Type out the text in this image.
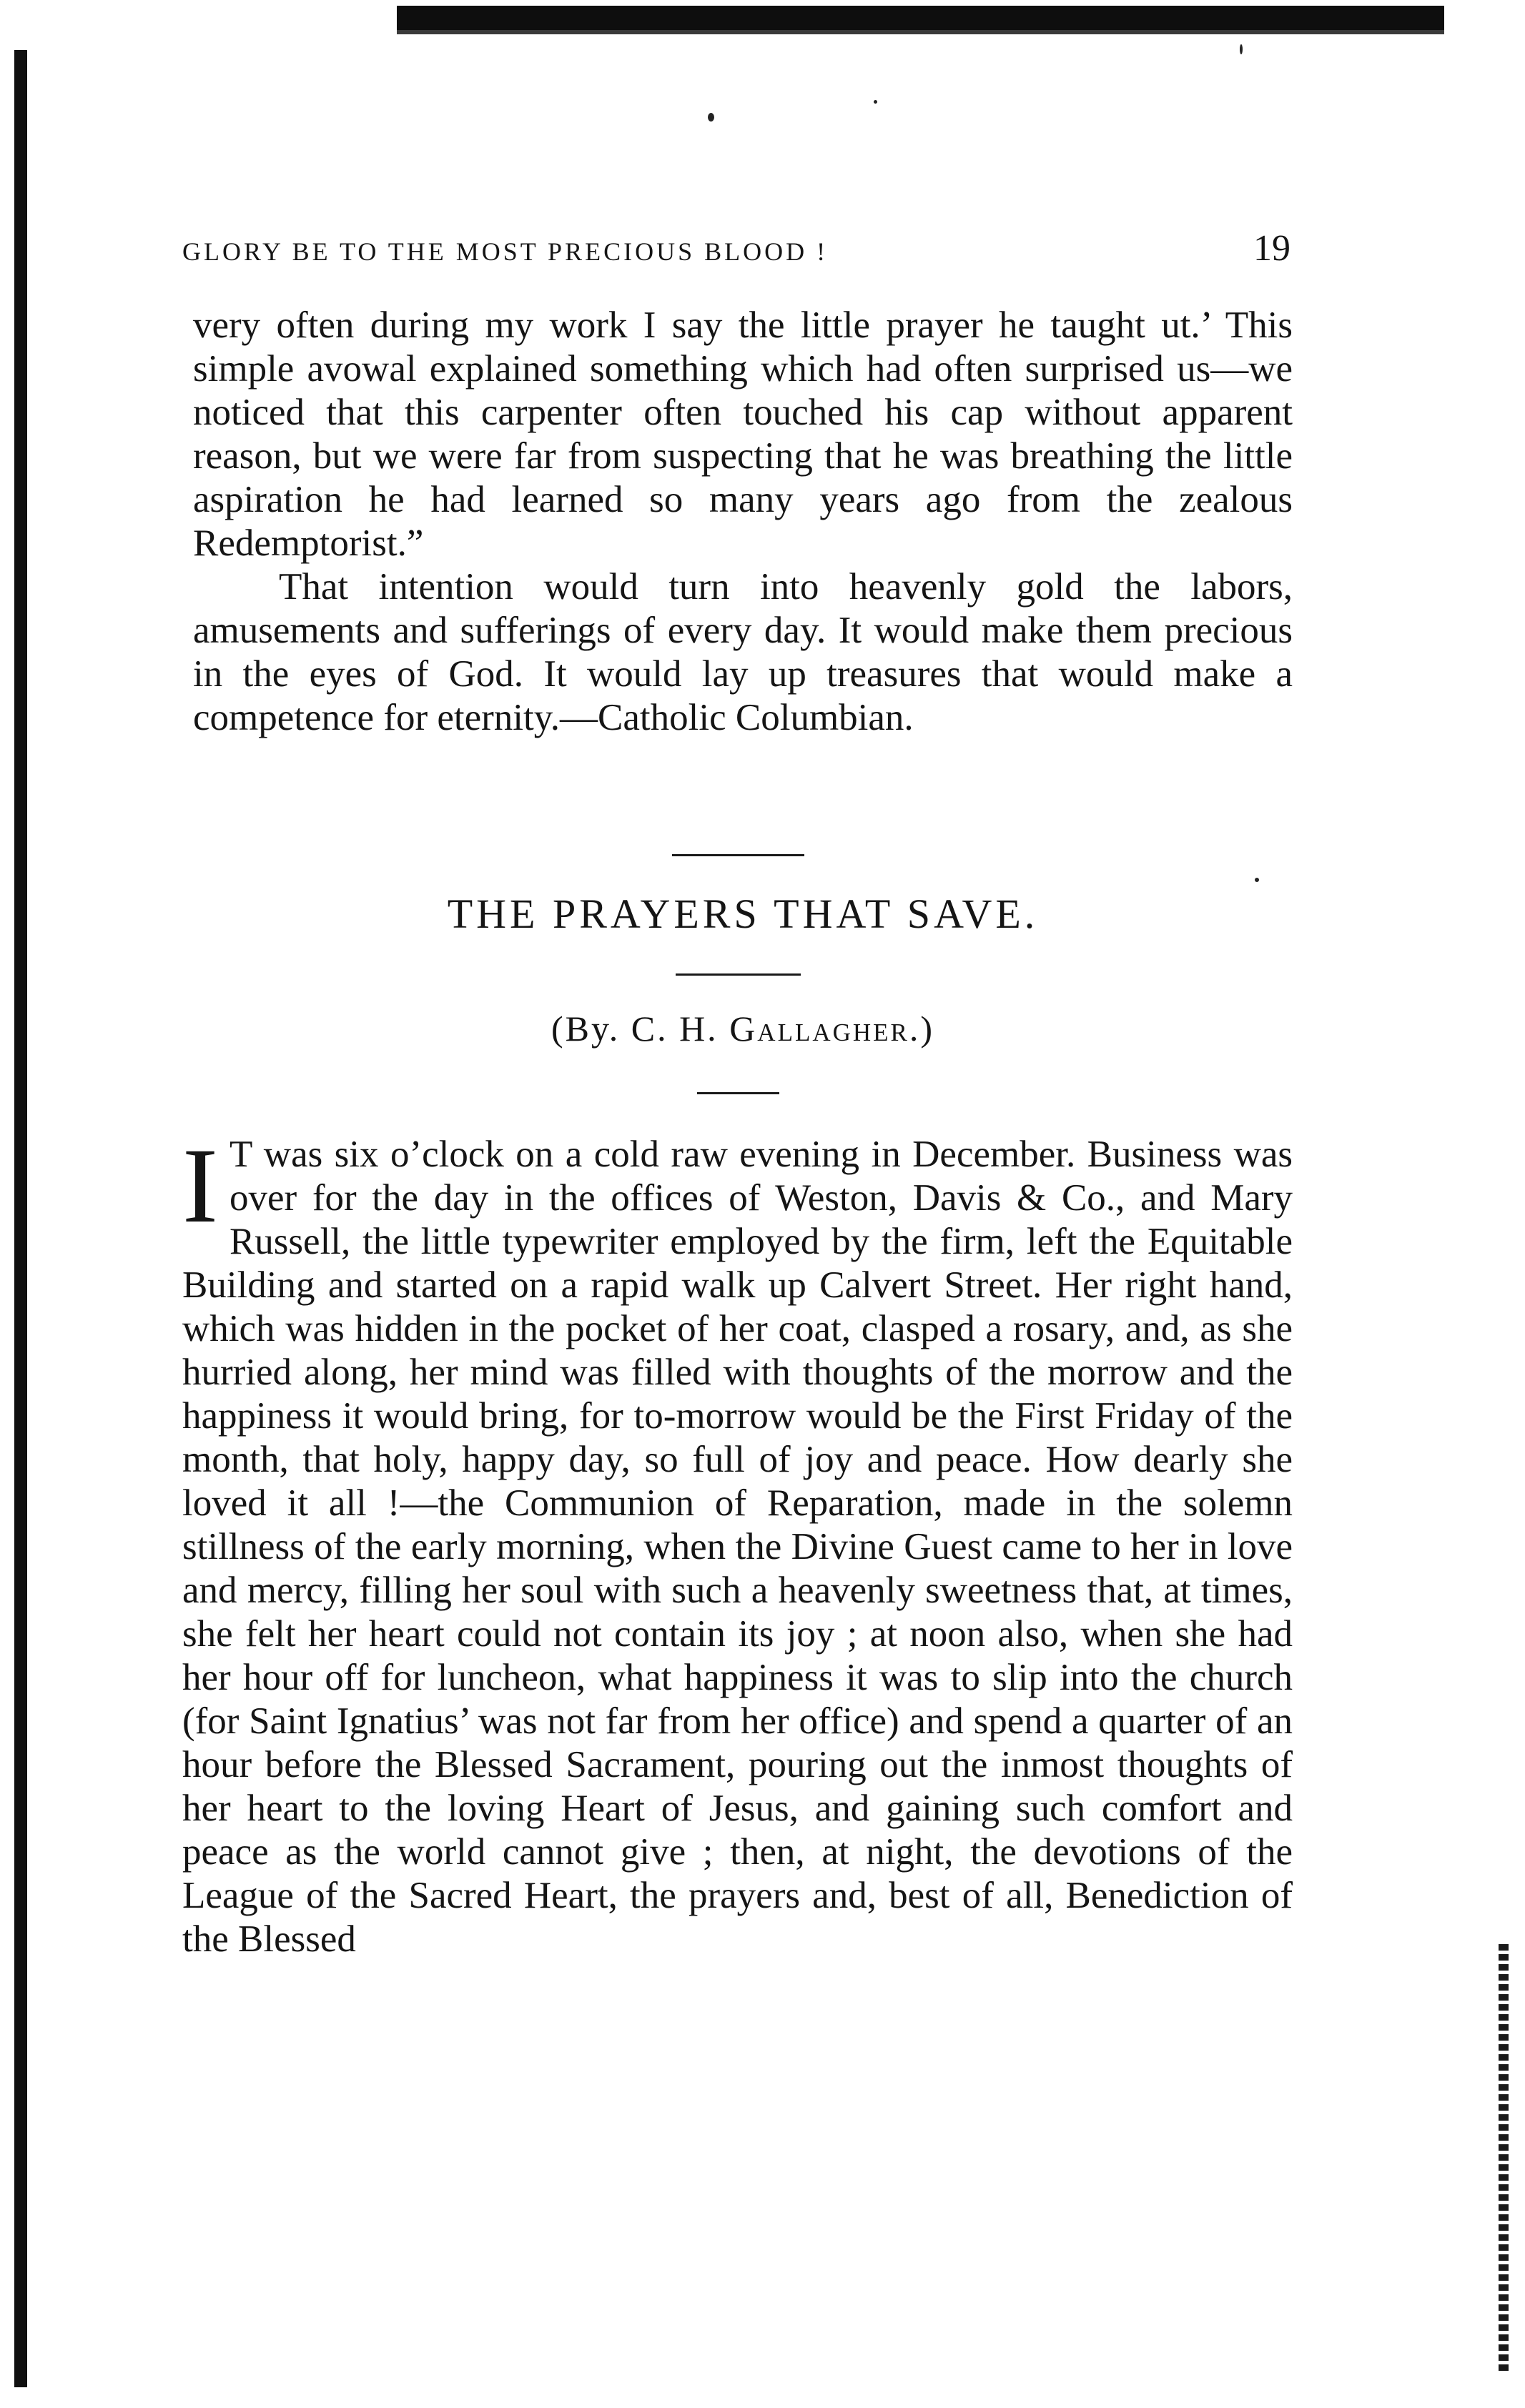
GLORY BE TO THE MOST PRECIOUS BLOOD !	19

very often during my work I say the little prayer he taught ut.’ This simple avowal explained something which had often surprised us—we noticed that this carpenter often touched his cap without apparent reason, but we were far from suspecting that he was breathing the little aspiration he had learned so many years ago from the zealous Redemptorist.”

That intention would turn into heavenly gold the labors, amusements and sufferings of every day. It would make them precious in the eyes of God. It would lay up treasures that would make a competence for eternity.—Catholic Columbian.

THE PRAYERS THAT SAVE.
(By. C. H. Gallagher.)

I T was six o’clock on a cold raw evening in December. Business was over for the day in the offices of Weston, Davis & Co., and Mary Russell, the little typewriter employed by the firm, left the Equitable Building and started on a rapid walk up Calvert Street. Her right hand, which was hidden in the pocket of her coat, clasped a rosary, and, as she hurried along, her mind was filled with thoughts of the morrow and the happiness it would bring, for to-morrow would be the First Friday of the month, that holy, happy day, so full of joy and peace. How dearly she loved it all !—the Communion of Reparation, made in the solemn stillness of the early morning, when the Divine Guest came to her in love and mercy, filling her soul with such a heavenly sweetness that, at times, she felt her heart could not contain its joy ; at noon also, when she had her hour off for luncheon, what happiness it was to slip into the church (for Saint Ignatius’ was not far from her office) and spend a quarter of an hour before the Blessed Sacrament, pouring out the inmost thoughts of her heart to the loving Heart of Jesus, and gaining such comfort and peace as the world cannot give ; then, at night, the devotions of the League of the Sacred Heart, the prayers and, best of all, Benediction of the Blessed
